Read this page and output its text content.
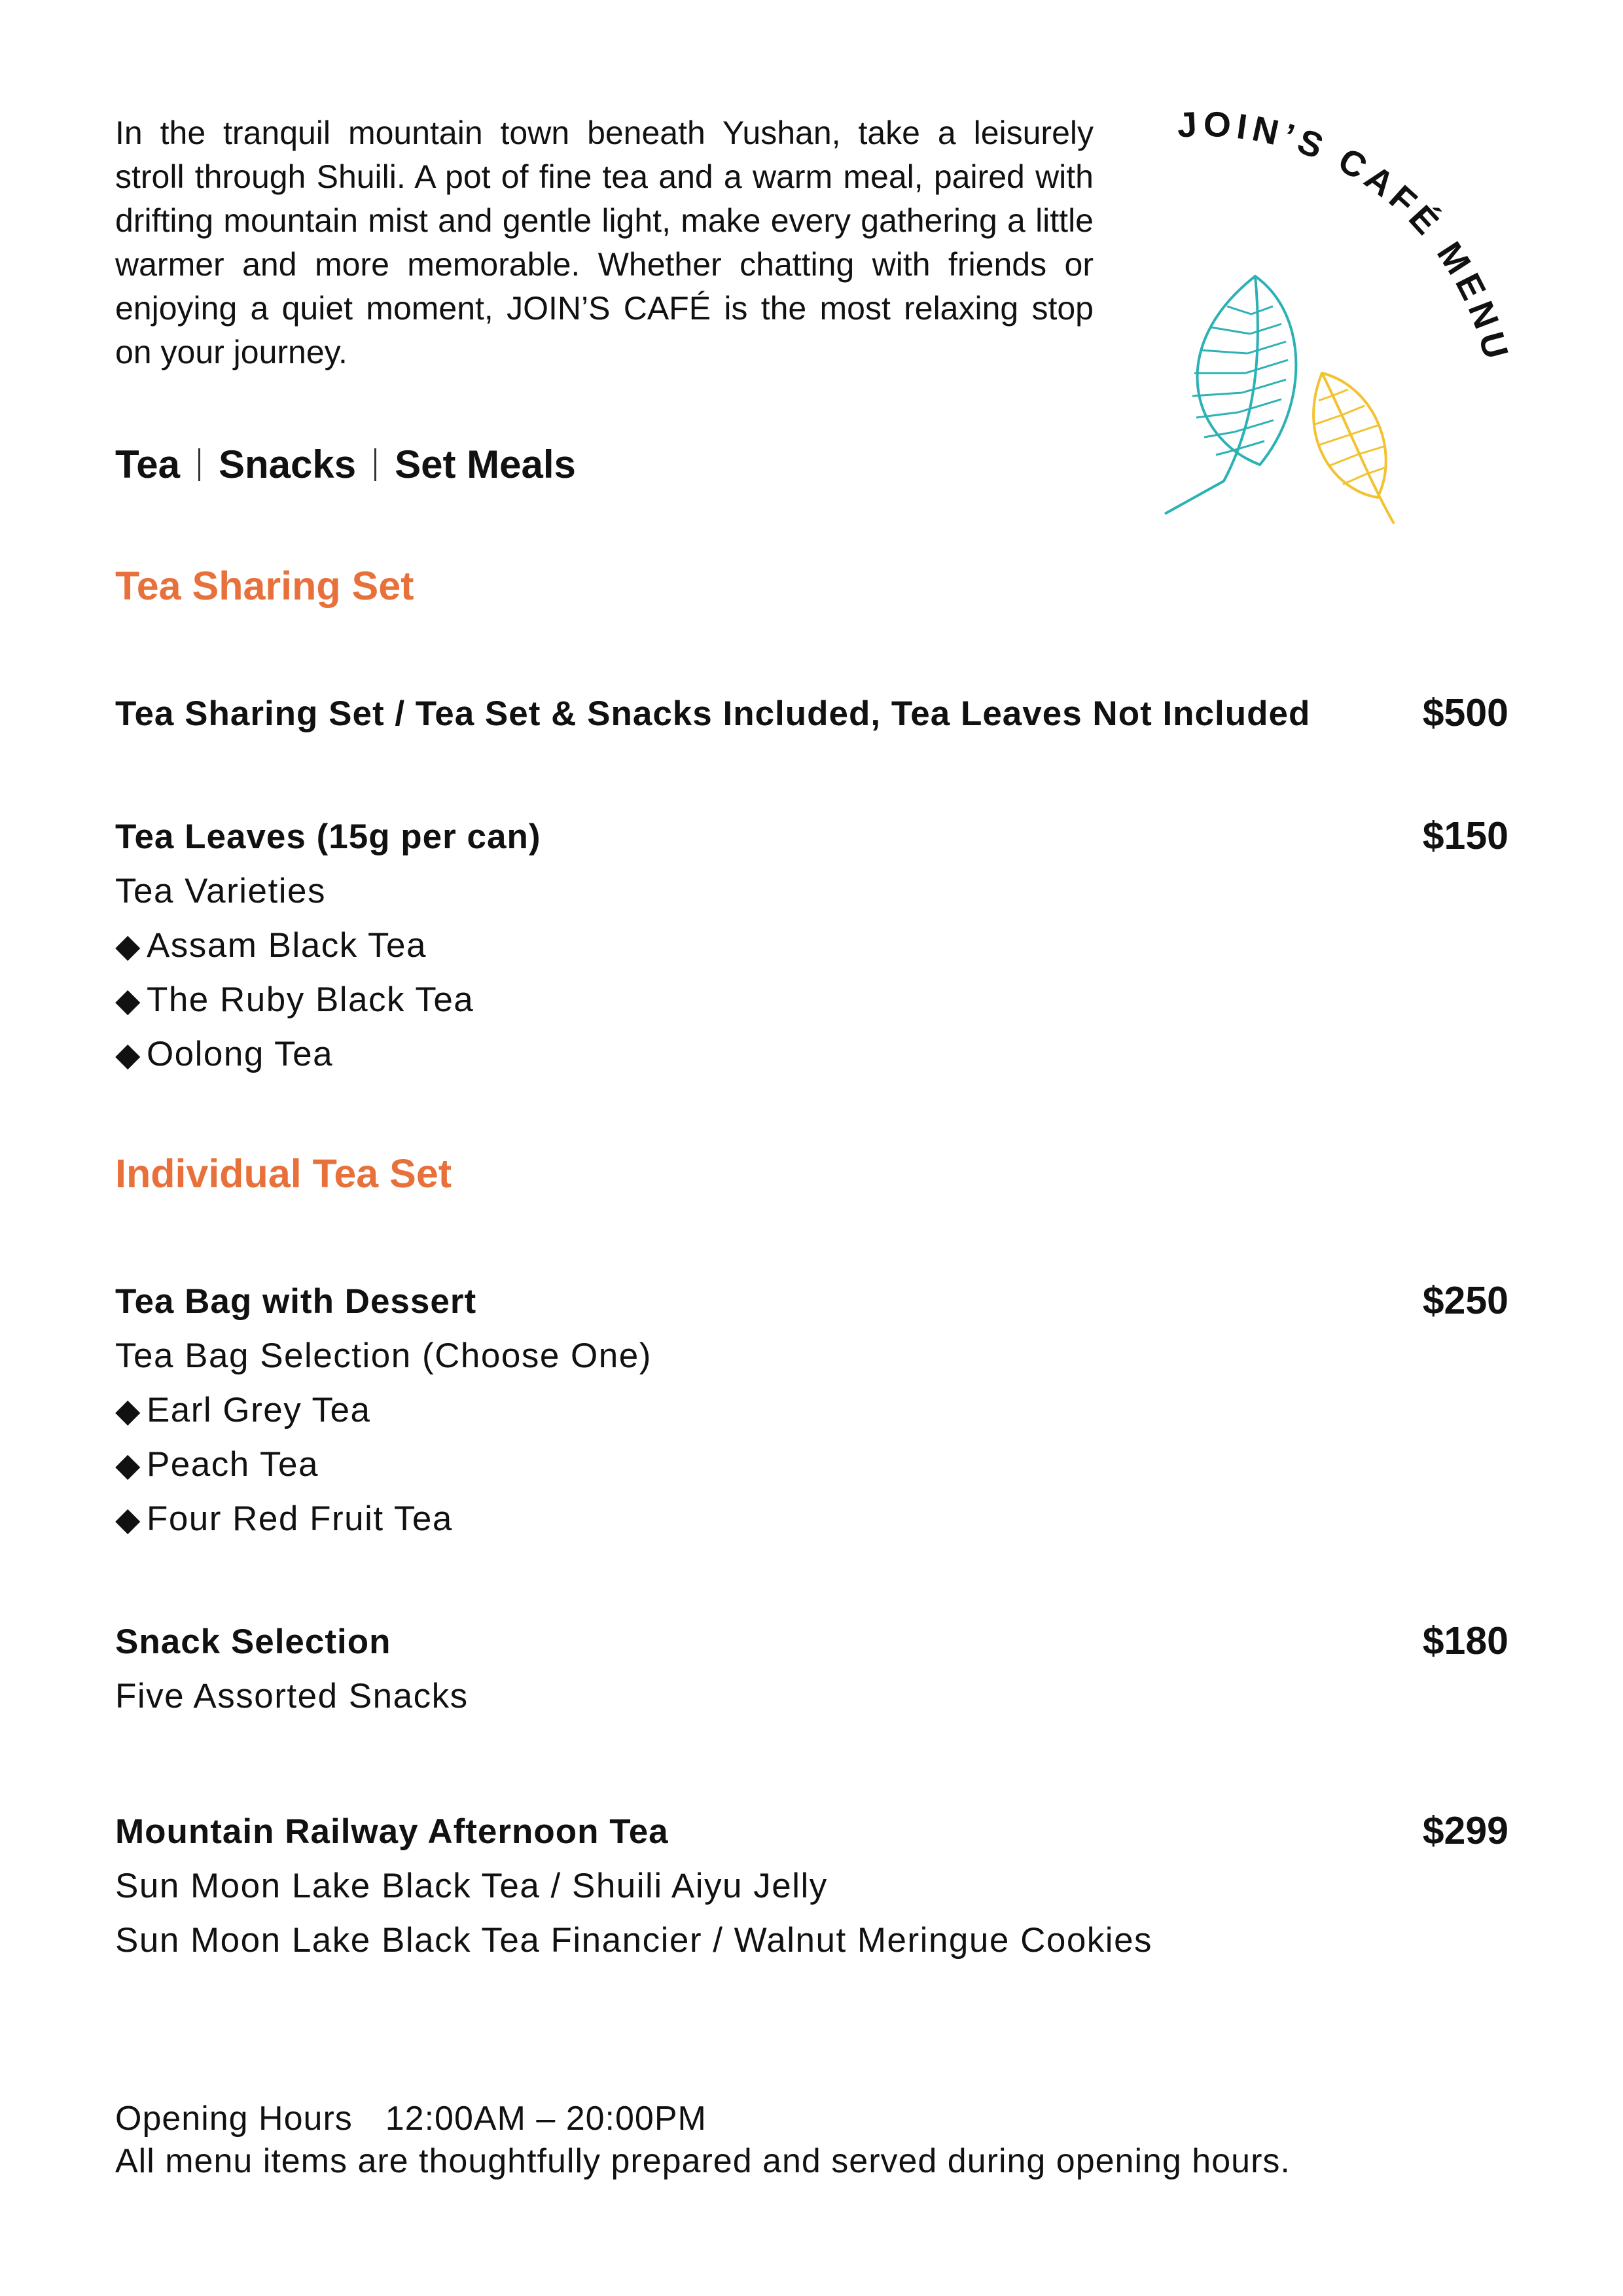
In the tranquil mountain town beneath Yushan, take a leisurely stroll through Shuili. A pot of fine tea and a warm meal, paired with drifting mountain mist and gentle light, make every gathering a little warmer and more memorable. Whether chatting with friends or enjoying a quiet moment, JOIN’S CAFÉ is the most relaxing stop on your journey.
Tea Snacks Set Meals
JOIN’S CAFÉ MENU
Tea Sharing Set
Tea Sharing Set / Tea Set & Snacks Included, Tea Leaves Not Included	$500
Tea Leaves (15g per can)	$150
Tea Varieties
◆ Assam Black Tea
◆ The Ruby Black Tea
◆ Oolong Tea
Individual Tea Set
Tea Bag with Dessert	$250
Tea Bag Selection (Choose One)
◆ Earl Grey Tea
◆ Peach Tea
◆ Four Red Fruit Tea
Snack Selection	$180
Five Assorted Snacks
Mountain Railway Afternoon Tea	$299
Sun Moon Lake Black Tea / Shuili Aiyu Jelly
Sun Moon Lake Black Tea Financier / Walnut Meringue Cookies
Opening Hours 12:00AM – 20:00PM
All menu items are thoughtfully prepared and served during opening hours.
